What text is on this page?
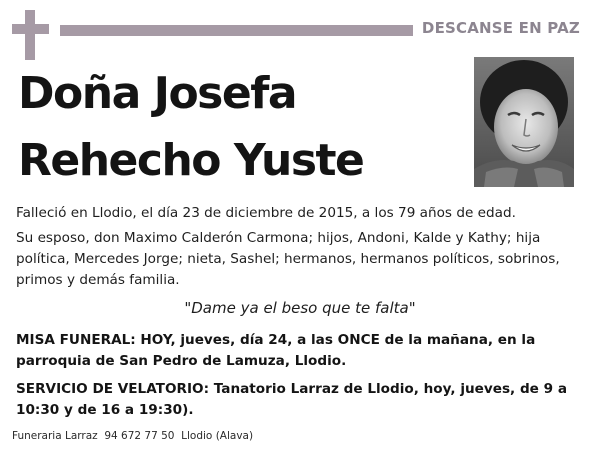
DESCANSE EN PAZ
Doña Josefa
Rehecho Yuste
Falleció en Llodio, el día 23 de diciembre de 2015, a los 79 años de edad.
Su esposo, don Maximo Calderón Carmona; hijos, Andoni, Kalde y Kathy; hija política, Mercedes Jorge; nieta, Sashel; hermanos, hermanos políticos, sobrinos, primos y demás familia.
"Dame ya el beso que te falta"
MISA FUNERAL: HOY, jueves, día 24, a las ONCE de la mañana, en la parroquia de San Pedro de Lamuza, Llodio.
SERVICIO DE VELATORIO: Tanatorio Larraz de Llodio, hoy, jueves, de 9 a 10:30 y de 16 a 19:30).
Funeraria Larraz  94 672 77 50  Llodio (Alava)
